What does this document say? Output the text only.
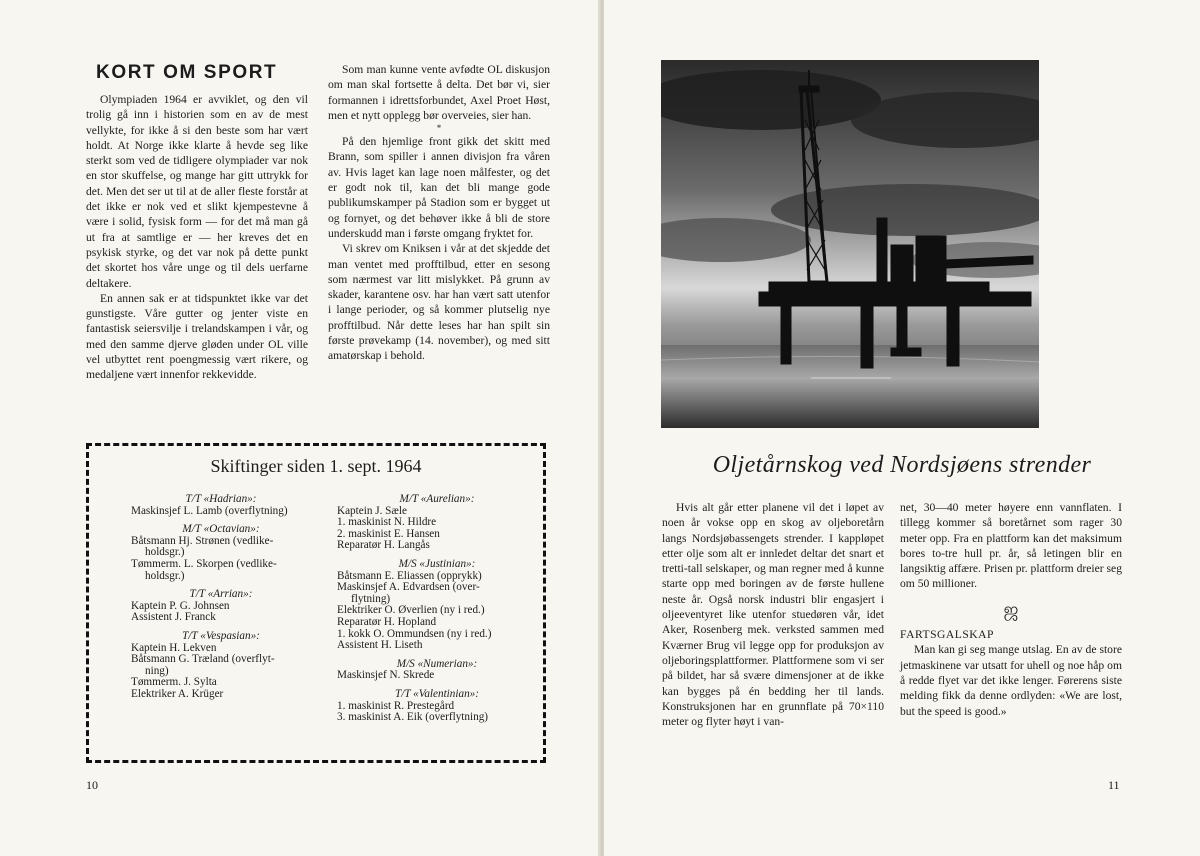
KORT OM SPORT

Olympiaden 1964 er avviklet, og den vil trolig gå inn i historien som en av de mest vellykte, for ikke å si den beste som har vært holdt. At Norge ikke klarte å hevde seg like sterkt som ved de tidligere olympiader var nok en stor skuffelse, og mange har gitt uttrykk for det. Men det ser ut til at de aller fleste forstår at det ikke er nok ved et slikt kjempestevne å være i solid, fysisk form — for det må man gå ut fra at samtlige er — her kreves det en psykisk styrke, og det var nok på dette punkt det skortet hos våre unge og til dels uerfarne deltakere.

En annen sak er at tidspunktet ikke var det gunstigste. Våre gutter og jenter viste en fantastisk seiersvilje i trelandskampen i vår, og med den samme djerve gløden under OL ville vel utbyttet rent poengmessig vært rikere, og medaljene vært innenfor rekkevidde.

Som man kunne vente avfødte OL diskusjon om man skal fortsette å delta. Det bør vi, sier formannen i idrettsforbundet, Axel Proet Høst, men et nytt opplegg bør overveies, sier han.

*

På den hjemlige front gikk det skitt med Brann, som spiller i annen divisjon fra våren av. Hvis laget kan lage noen målfester, og det er godt nok til, kan det bli mange gode publikumskamper på Stadion som er bygget ut og fornyet, og det behøver ikke å bli de store underskudd man i første omgang fryktet for.

Vi skrev om Kniksen i vår at det skjedde det man ventet med profftilbud, etter en sesong som nærmest var litt mislykket. På grunn av skader, karantene osv. har han vært satt utenfor i lange perioder, og så kommer plutselig nye profftilbud. Når dette leses har han spilt sin første prøvekamp (14. november), og med sitt amatørskap i behold.

Skiftinger siden 1. sept. 1964
T/T «Hadrian»:
Maskinsjef L. Lamb (overflytning)
M/T «Octavian»:
Båtsmann Hj. Strønen (vedlike-
holdsgr.)
Tømmerm. L. Skorpen (vedlike-
holdsgr.)
T/T «Arrian»:
Kaptein P. G. Johnsen
Assistent J. Franck
T/T «Vespasian»:
Kaptein H. Lekven
Båtsmann G. Træland (overflyt-
ning)
Tømmerm. J. Sylta
Elektriker A. Krüger
M/T «Aurelian»:
Kaptein J. Sæle
1. maskinist N. Hildre
2. maskinist E. Hansen
Reparatør H. Langås
M/S «Justinian»:
Båtsmann E. Eliassen (opprykk)
Maskinsjef A. Edvardsen (over-
flytning)
Elektriker O. Øverlien (ny i red.)
Reparatør H. Hopland
1. kokk O. Ommundsen (ny i red.)
Assistent H. Liseth
M/S «Numerian»:
Maskinsjef N. Skrede
T/T «Valentinian»:
1. maskinist R. Prestegård
3. maskinist A. Eik (overflytning)
10
Oljetårnskog ved Nordsjøens strender

Hvis alt går etter planene vil det i løpet av noen år vokse opp en skog av oljeboretårn langs Nordsjøbassengets strender. I kappløpet etter olje som alt er innledet deltar det snart et tretti-tall selskaper, og man regner med å kunne starte opp med boringen av de første hullene neste år. Også norsk industri blir engasjert i oljeeventyret like utenfor stuedøren vår, idet Aker, Rosenberg mek. verksted sammen med Kværner Brug vil legge opp for produksjon av oljeboringsplattformer. Plattformene som vi ser på bildet, har så svære dimensjoner at de ikke kan bygges på én bedding her til lands. Konstruksjonen har en grunnflate på 70×110 meter og flyter høyt i van-

net, 30—40 meter høyere enn vannflaten. I tillegg kommer så boretårnet som rager 30 meter opp. Fra en plattform kan det maksimum bores to-tre hull pr. år, så letingen blir en langsiktig affære. Prisen pr. plattform dreier seg om 50 millioner.

ஜ

FARTSGALSKAP

Man kan gi seg mange utslag. En av de store jetmaskinene var utsatt for uhell og noe håp om å redde flyet var det ikke lenger. Førerens siste melding fikk da denne ordlyden: «We are lost, but the speed is good.»

11
